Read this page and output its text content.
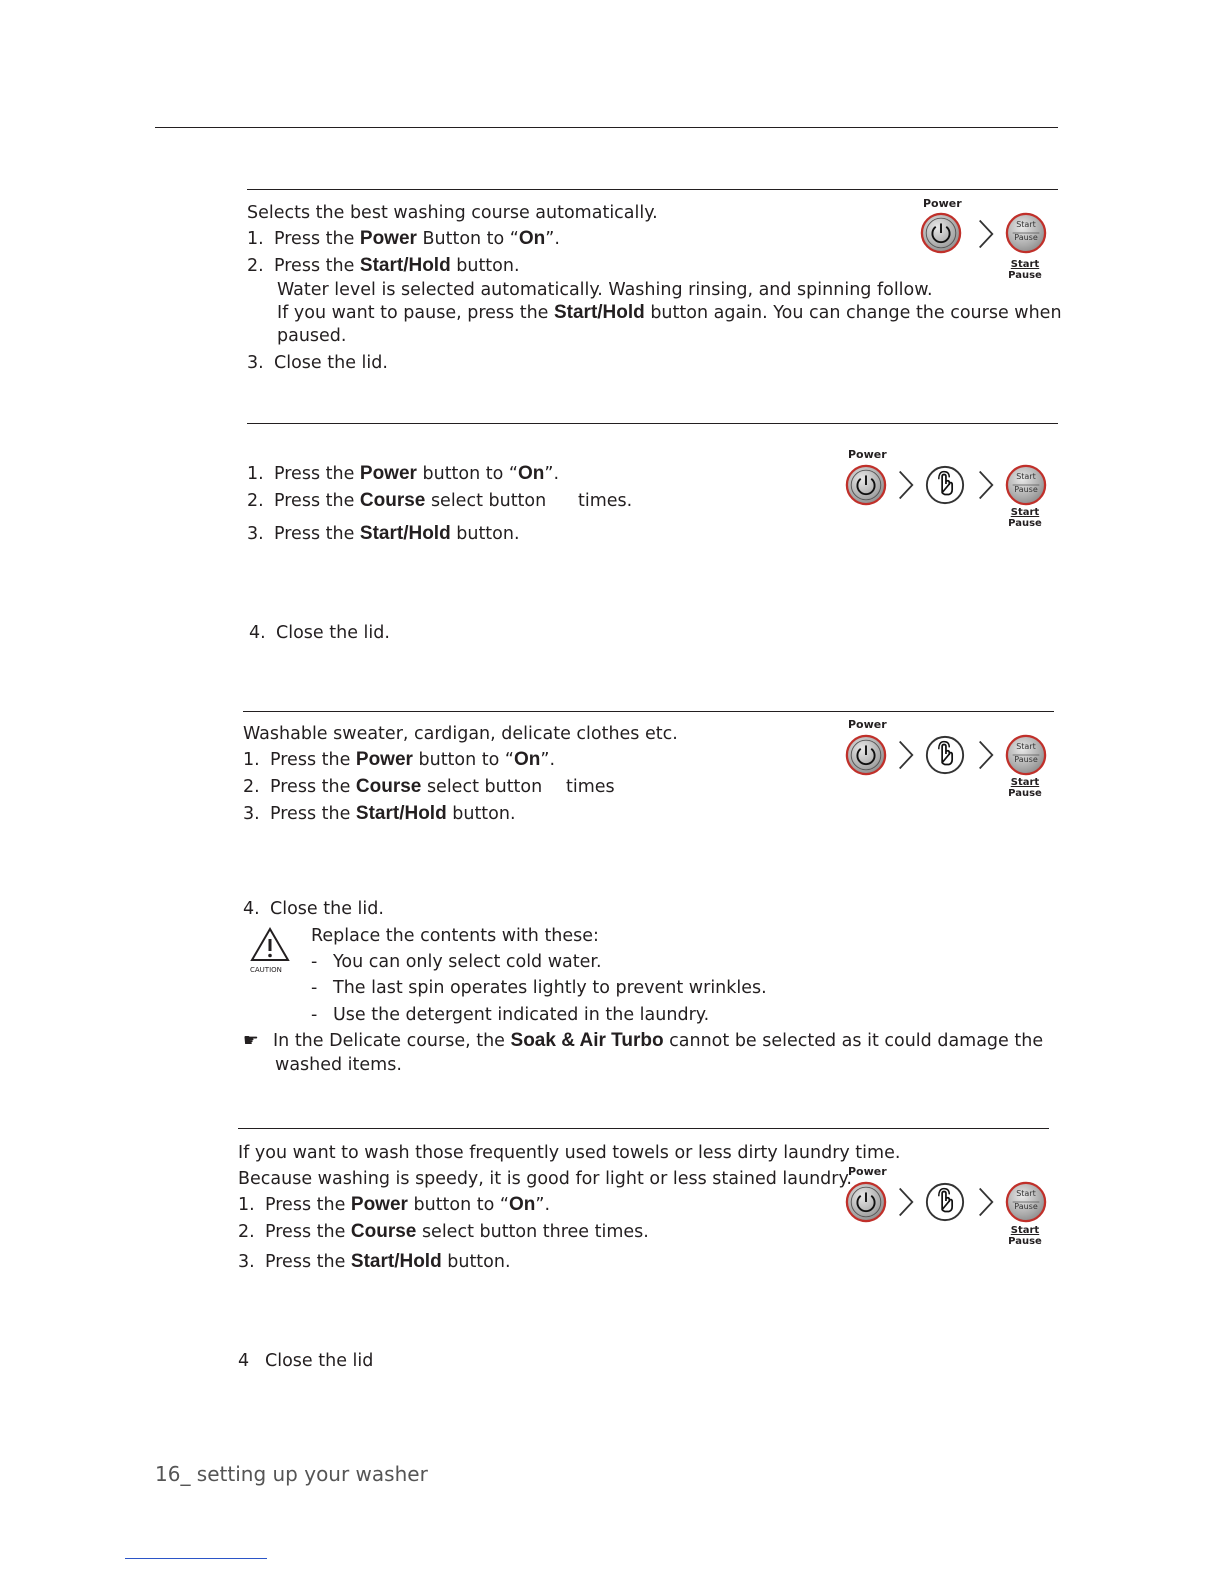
Selects the best washing course automatically.
1. Press the Power Button to “On”.
2. Press the Start/Hold button.
Water level is selected automatically. Washing rinsing, and spinning follow.
If you want to pause, press the Start/Hold button again. You can change the course when
paused.
3. Close the lid.
Power
Start
Pause
Start
Pause
1. Press the Power button to “On”.
2. Press the Course select button times.
3. Press the Start/Hold button.
4. Close the lid.
Power
Start
Pause
Start
Pause
Washable sweater, cardigan, delicate clothes etc.
1. Press the Power button to “On”.
2. Press the Course select button times
3. Press the Start/Hold button.
4. Close the lid.
CAUTION
Replace the contents with these:
- You can only select cold water.
- The last spin operates lightly to prevent wrinkles.
- Use the detergent indicated in the laundry.
☛ In the Delicate course, the Soak & Air Turbo cannot be selected as it could damage the
washed items.
Power
Start
Pause
Start
Pause
If you want to wash those frequently used towels or less dirty laundry time.
Because washing is speedy, it is good for light or less stained laundry.
1. Press the Power button to “On”.
2. Press the Course select button three times.
3. Press the Start/Hold button.
4 Close the lid
Power
Start
Pause
Start
Pause
16_ setting up your washer
